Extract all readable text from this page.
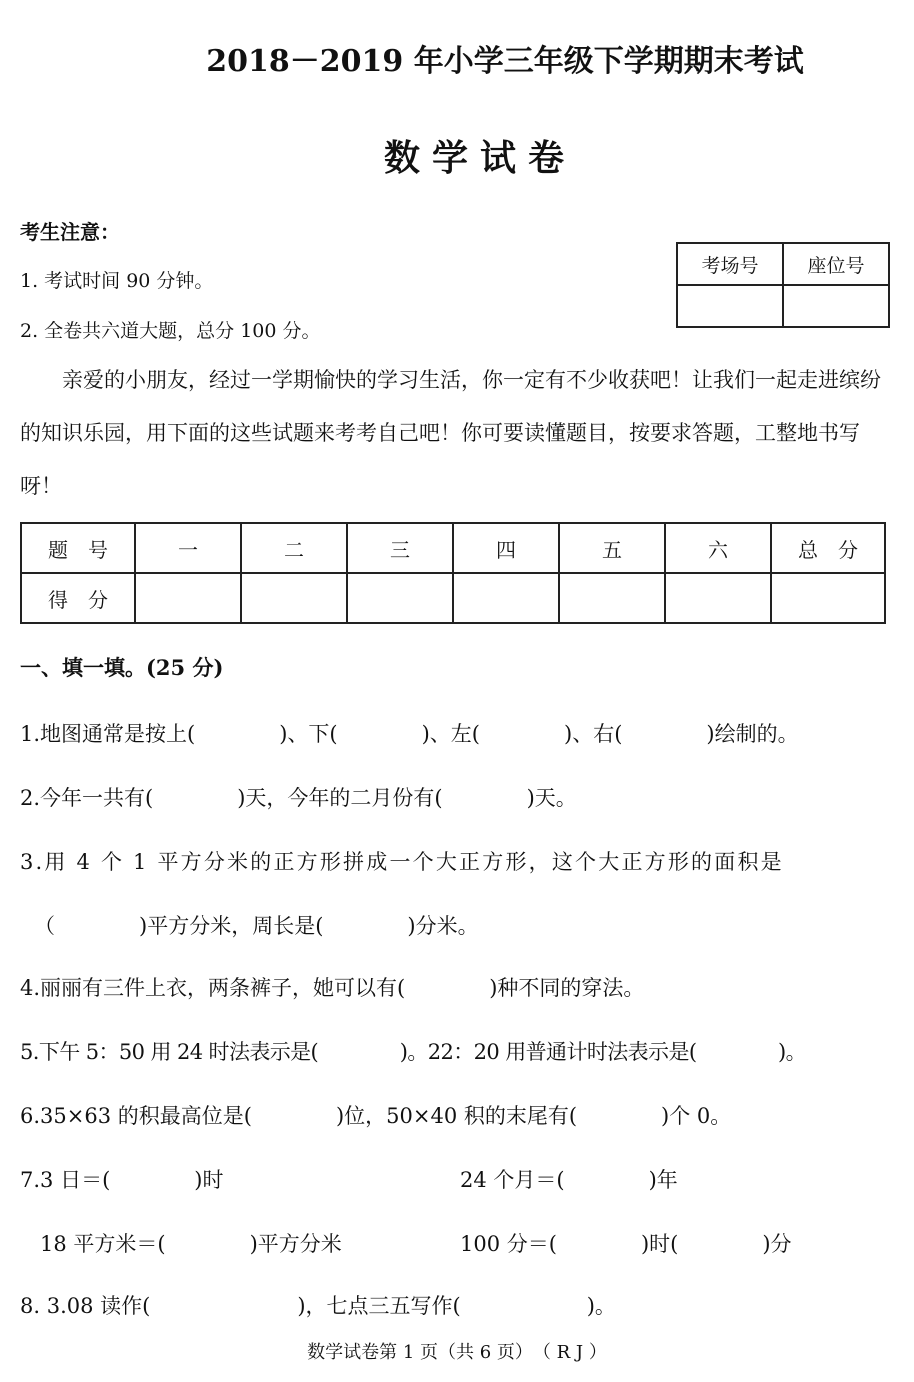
2018－2019 年小学三年级下学期期末考试
数学试卷
考生注意：
1. 考试时间 90 分钟。
2. 全卷共六道大题，总分 100 分。
考场号	座位号

亲爱的小朋友，经过一学期愉快的学习生活，你一定有不少收获吧！让我们一起走进缤纷的知识乐园，用下面的这些试题来考考自己吧！你可要读懂题目，按要求答题，工整地书写呀！
题　号	一	二	三	四	五	六	总　分
得　分							
一、填一填。(25 分)
1.地图通常是按上(　　　　)、下(　　　　)、左(　　　　)、右(　　　　)绘制的。
2.今年一共有(　　　　)天，今年的二月份有(　　　　)天。
3.用 4 个 1 平方分米的正方形拼成一个大正方形，这个大正方形的面积是
（　　　　)平方分米，周长是(　　　　)分米。
4.丽丽有三件上衣，两条裤子，她可以有(　　　　)种不同的穿法。
5.下午 5：50 用 24 时法表示是(　　　　)。22：20 用普通计时法表示是(　　　　)。
6.35×63 的积最高位是(　　　　)位，50×40 积的末尾有(　　　　)个 0。
7.3 日＝(　　　　)时	24 个月＝(　　　　)年
18 平方米＝(　　　　)平方分米	100 分＝(　　　　)时(　　　　)分
8. 3.08 读作(　　　　　　　)，七点三五写作(　　　　　　)。
数学试卷第 1 页（共 6 页）　（ R J ）
